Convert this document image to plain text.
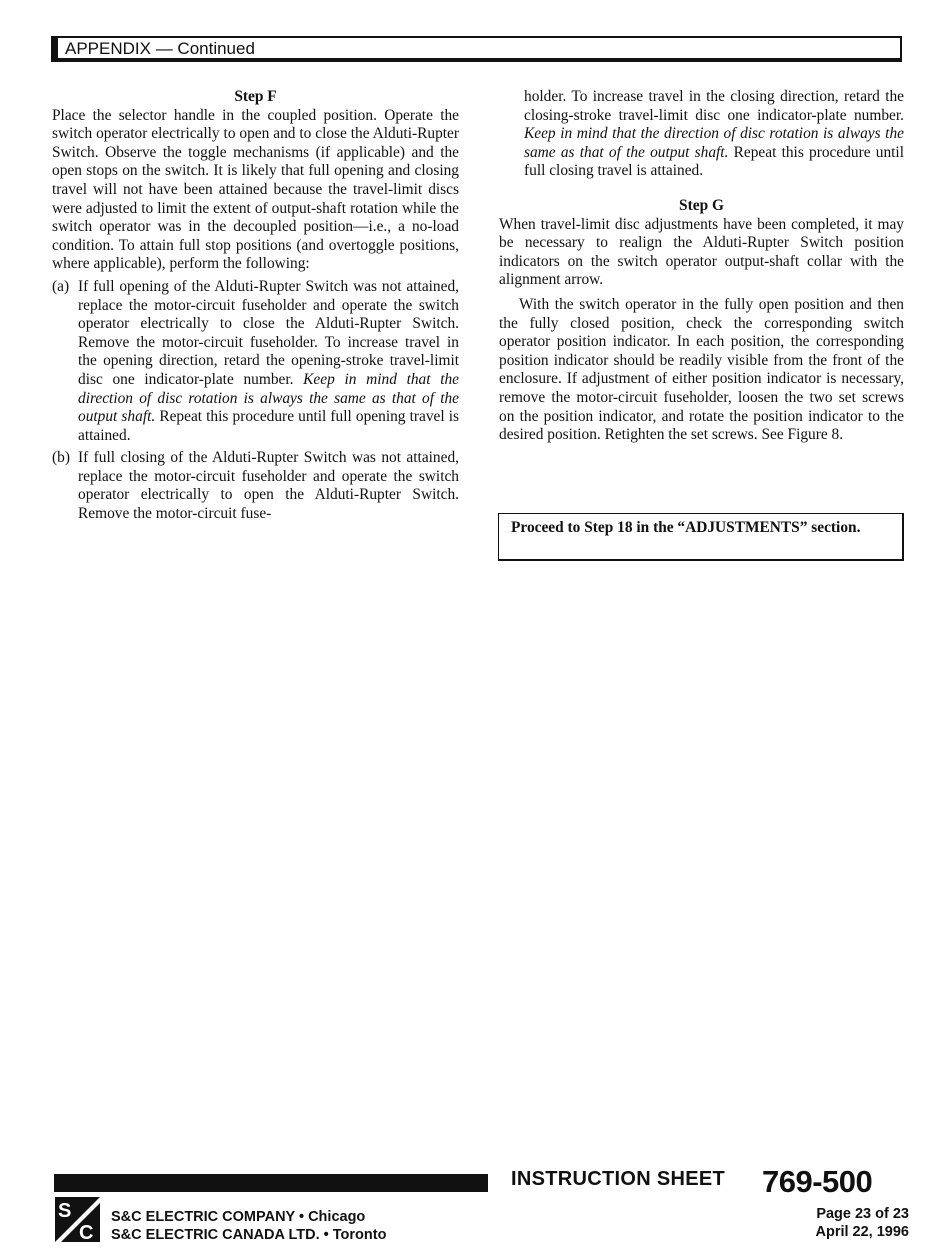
APPENDIX — Continued

Step F

Place the selector handle in the coupled position. Operate the switch operator electrically to open and to close the Alduti-Rupter Switch. Observe the toggle mechanisms (if applicable) and the open stops on the switch. It is likely that full opening and closing travel will not have been attained because the travel-limit discs were adjusted to limit the extent of output-shaft rotation while the switch operator was in the decoupled position—i.e., a no-load condition. To attain full stop positions (and overtoggle positions, where applicable), perform the following:

(a) If full opening of the Alduti-Rupter Switch was not attained, replace the motor-circuit fuseholder and operate the switch operator electrically to close the Alduti-Rupter Switch. Remove the motor-circuit fuseholder. To increase travel in the opening direction, retard the opening-stroke travel-limit disc one indicator-plate number. Keep in mind that the direction of disc rotation is always the same as that of the output shaft. Repeat this procedure until full opening travel is attained.
(b) If full closing of the Alduti-Rupter Switch was not attained, replace the motor-circuit fuseholder and operate the switch operator electrically to open the Alduti-Rupter Switch. Remove the motor-circuit fuse-

holder. To increase travel in the closing direction, retard the closing-stroke travel-limit disc one indicator-plate number. Keep in mind that the direction of disc rotation is always the same as that of the output shaft. Repeat this procedure until full closing travel is attained.

Step G

When travel-limit disc adjustments have been completed, it may be necessary to realign the Alduti-Rupter Switch position indicators on the switch operator output-shaft collar with the alignment arrow.

With the switch operator in the fully open position and then the fully closed position, check the corresponding switch operator position indicator. In each position, the corresponding position indicator should be readily visible from the front of the enclosure. If adjustment of either position indicator is necessary, remove the motor-circuit fuseholder, loosen the two set screws on the position indicator, and rotate the position indicator to the desired position. Retighten the set screws. See Figure 8.

Proceed to Step 18 in the “ADJUSTMENTS” section.
INSTRUCTION SHEET 769-500
S
C
S&C ELECTRIC COMPANY • Chicago
S&C ELECTRIC CANADA LTD. • Toronto
Page 23 of 23
April 22, 1996
